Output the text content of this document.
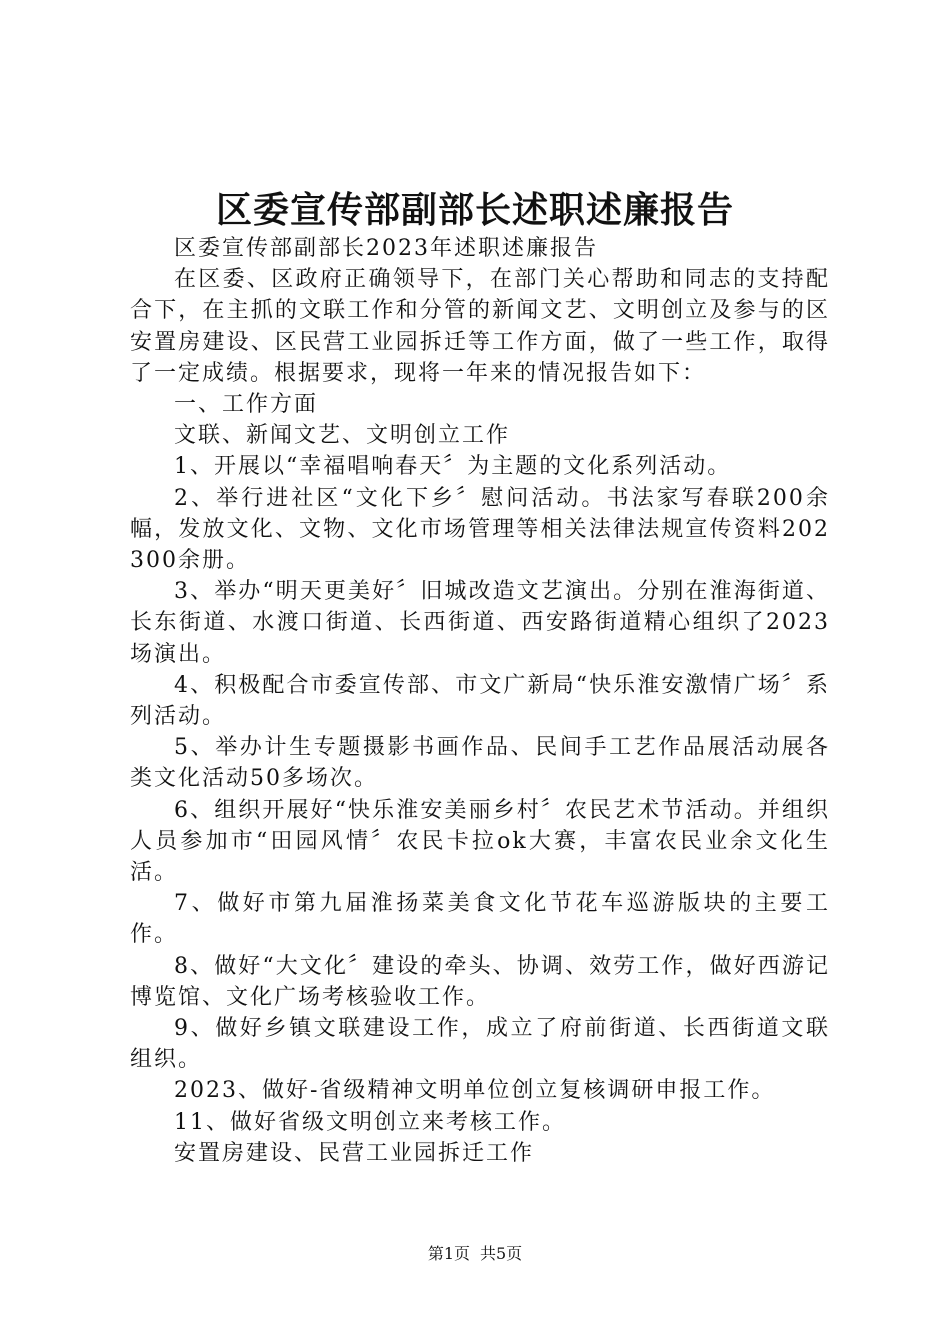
区委宣传部副部长述职述廉报告

区委宣传部副部长2023年述职述廉报告

在区委、区政府正确领导下，在部门关心帮助和同志的支持配合下，在主抓的文联工作和分管的新闻文艺、文明创立及参与的区安置房建设、区民营工业园拆迁等工作方面，做了一些工作，取得了一定成绩。根据要求，现将一年来的情况报告如下：

一、工作方面

文联、新闻文艺、文明创立工作

1、开展以“幸福唱响春天〞为主题的文化系列活动。

2、举行进社区“文化下乡〞慰问活动。书法家写春联200余幅，发放文化、文物、文化市场管理等相关法律法规宣传资料202300余册。

3、举办“明天更美好〞旧城改造文艺演出。分别在淮海街道、长东街道、水渡口街道、长西街道、西安路街道精心组织了2023场演出。

4、积极配合市委宣传部、市文广新局“快乐淮安激情广场〞系列活动。

5、举办计生专题摄影书画作品、民间手工艺作品展活动展各类文化活动50多场次。

6、组织开展好“快乐淮安美丽乡村〞农民艺术节活动。并组织人员参加市“田园风情〞农民卡拉ok大赛，丰富农民业余文化生活。

7、做好市第九届淮扬菜美食文化节花车巡游版块的主要工作。

8、做好“大文化〞建设的牵头、协调、效劳工作，做好西游记博览馆、文化广场考核验收工作。

9、做好乡镇文联建设工作，成立了府前街道、长西街道文联组织。

2023、做好-省级精神文明单位创立复核调研申报工作。

11、做好省级文明创立来考核工作。

安置房建设、民营工业园拆迁工作

第1页 共5页
